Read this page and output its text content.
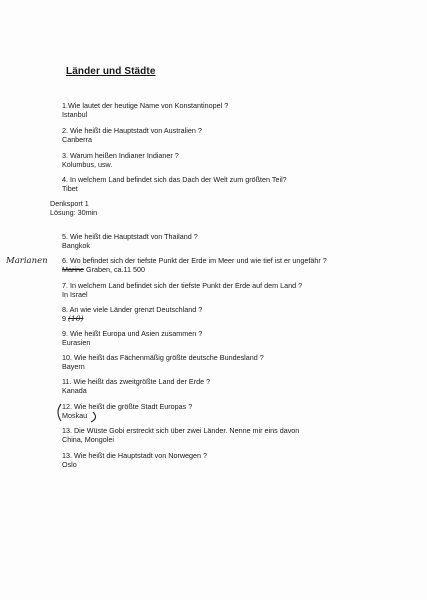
Länder und Städte
1.Wie lautet der heutige Name von Konstantinopel ?
Istanbul
2. Wie heißt die Hauptstadt von Australien ?
Canberra
3. Warum heißen Indianer Indianer ?
Kolumbus, usw.
4. In welchem Land befindet sich das Dach der Welt zum größten Teil?
Tibet
Denksport 1
Lösung: 30min
5. Wie heißt die Hauptstadt von Thailand ?
Bangkok
Marianen 6. Wo befindet sich der tiefste Punkt der Erde im Meer und wie tief ist er ungefähr ?
Marine Graben, ca.11 500
7. In welchem Land befindet sich der tiefste Punkt der Erde auf dem Land ?
In Israel
8. An wie viele Länder grenzt Deutschland ?
9 (10)
9. Wie heißt Europa und Asien zusammen ?
Eurasien
10. Wie heißt das Fächenmäßig größte deutsche Bundesland ?
Bayern
11. Wie heißt das zweitgrößte Land der Erde ?
Kanada
12. Wie heißt die größte Stadt Europas ?
Moskau
13. Die Wüste Gobi erstreckt sich über zwei Länder. Nenne mir eins davon
China, Mongolei
13. Wie heißt die Hauptstadt von Norwegen ?
Oslo
